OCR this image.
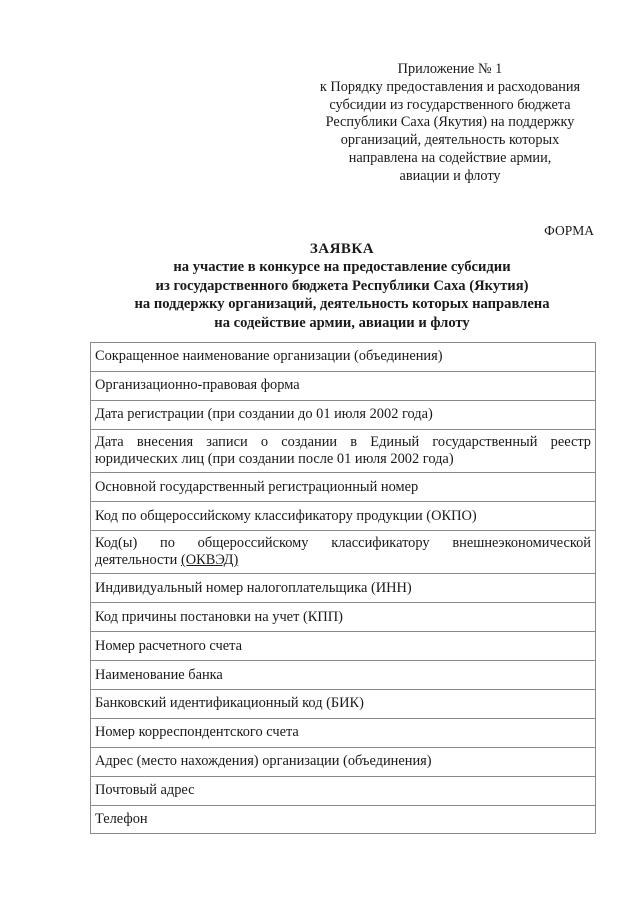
Приложение № 1
к Порядку предоставления и расходования
субсидии из государственного бюджета
Республики Саха (Якутия) на поддержку
организаций, деятельность которых
направлена на содействие армии,
авиации и флоту
ФОРМА
ЗАЯВКА
на участие в конкурсе на предоставление субсидии
из государственного бюджета Республики Саха (Якутия)
на поддержку организаций, деятельность которых направлена
на содействие армии, авиации и флоту
Сокращенное наименование организации (объединения)
Организационно-правовая форма
Дата регистрации (при создании до 01 июля 2002 года)
Дата внесения записи о создании в Единый государственный реестр юридических лиц (при создании после 01 июля 2002 года)
Основной государственный регистрационный номер
Код по общероссийскому классификатору продукции (ОКПО)
Код(ы) по общероссийскому классификатору внешнеэкономической деятельности (ОКВЭД)
Индивидуальный номер налогоплательщика (ИНН)
Код причины постановки на учет (КПП)
Номер расчетного счета
Наименование банка
Банковский идентификационный код (БИК)
Номер корреспондентского счета
Адрес (место нахождения) организации (объединения)
Почтовый адрес
Телефон
